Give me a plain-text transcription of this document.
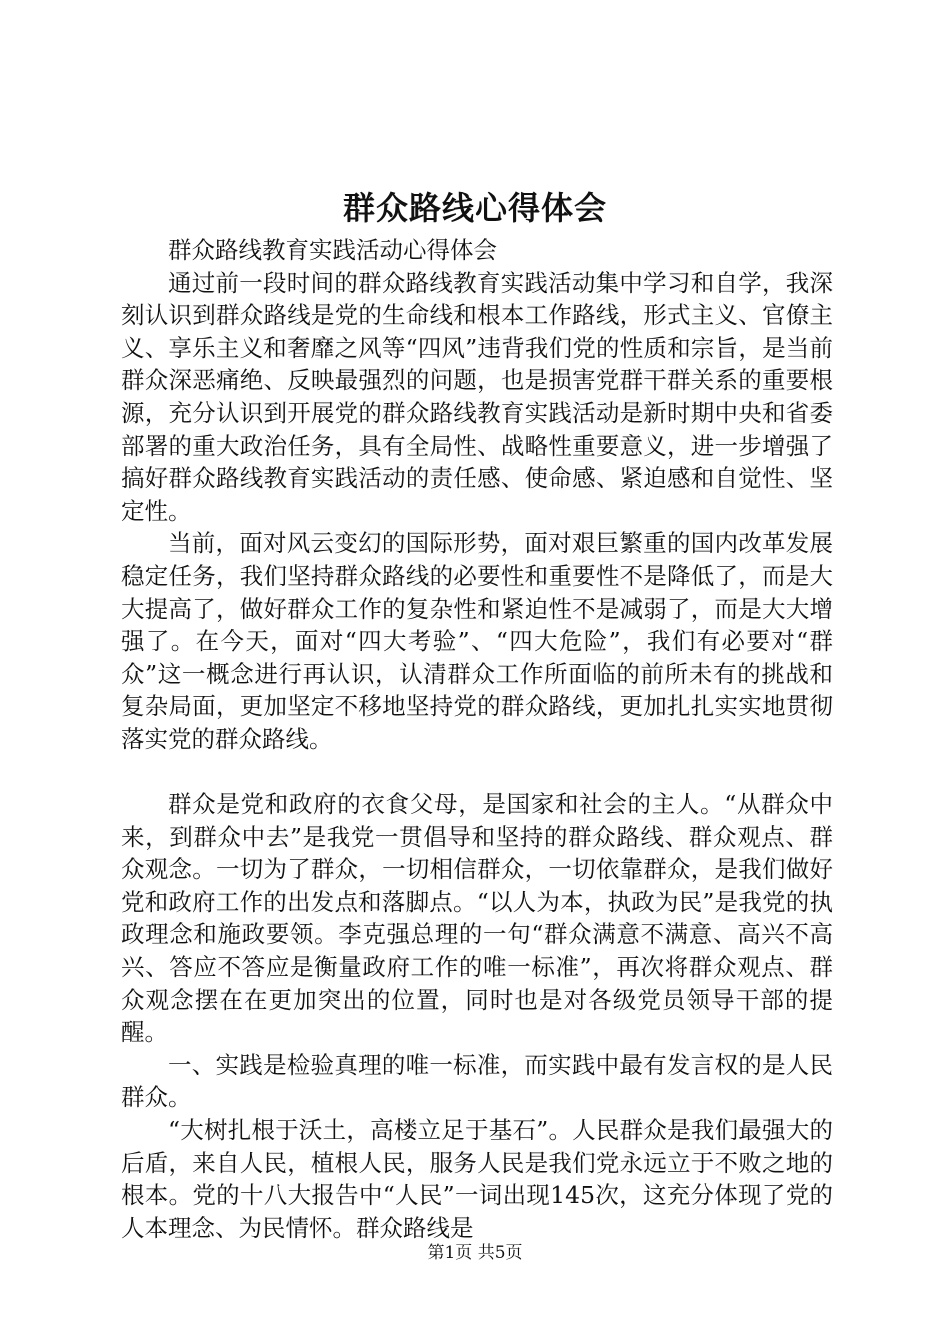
群众路线心得体会

群众路线教育实践活动心得体会

通过前一段时间的群众路线教育实践活动集中学习和自学，我深刻认识到群众路线是党的生命线和根本工作路线，形式主义、官僚主义、享乐主义和奢靡之风等“四风”违背我们党的性质和宗旨，是当前群众深恶痛绝、反映最强烈的问题，也是损害党群干群关系的重要根源，充分认识到开展党的群众路线教育实践活动是新时期中央和省委部署的重大政治任务，具有全局性、战略性重要意义，进一步增强了搞好群众路线教育实践活动的责任感、使命感、紧迫感和自觉性、坚定性。

当前，面对风云变幻的国际形势，面对艰巨繁重的国内改革发展稳定任务，我们坚持群众路线的必要性和重要性不是降低了，而是大大提高了，做好群众工作的复杂性和紧迫性不是减弱了，而是大大增强了。在今天，面对“四大考验”、“四大危险”，我们有必要对“群众”这一概念进行再认识，认清群众工作所面临的前所未有的挑战和复杂局面，更加坚定不移地坚持党的群众路线，更加扎扎实实地贯彻落实党的群众路线。

群众是党和政府的衣食父母，是国家和社会的主人。“从群众中来，到群众中去”是我党一贯倡导和坚持的群众路线、群众观点、群众观念。一切为了群众，一切相信群众，一切依靠群众，是我们做好党和政府工作的出发点和落脚点。“以人为本，执政为民”是我党的执政理念和施政要领。李克强总理的一句“群众满意不满意、高兴不高兴、答应不答应是衡量政府工作的唯一标准”，再次将群众观点、群众观念摆在在更加突出的位置，同时也是对各级党员领导干部的提醒。

一、实践是检验真理的唯一标准，而实践中最有发言权的是人民群众。

“大树扎根于沃土，高楼立足于基石”。人民群众是我们最强大的后盾，来自人民，植根人民，服务人民是我们党永远立于不败之地的根本。党的十八大报告中“人民”一词出现145次，这充分体现了党的人本理念、为民情怀。群众路线是

第1页 共5页
